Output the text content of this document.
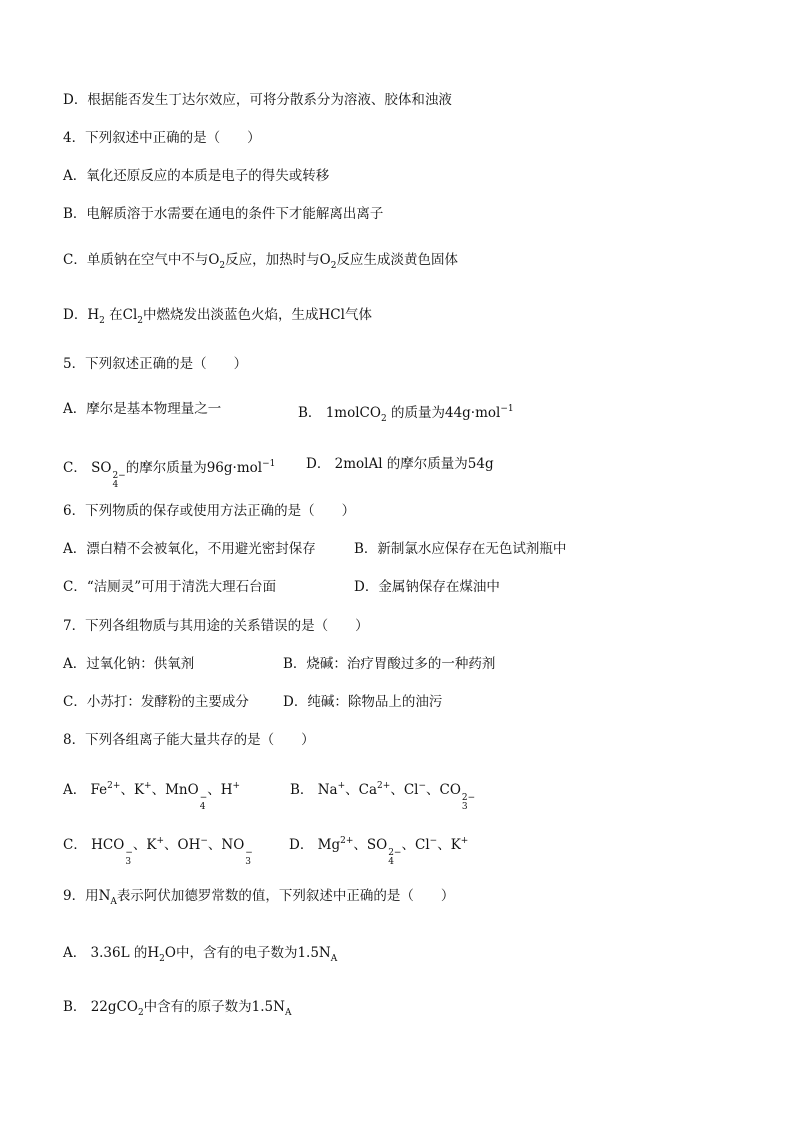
D．根据能否发生丁达尔效应，可将分散系分为溶液、胶体和浊液
4．下列叙述中正确的是（　　）
A．氧化还原反应的本质是电子的得失或转移
B．电解质溶于水需要在通电的条件下才能解离出离子
C．单质钠在空气中不与$O_2$反应，加热时与$O_2$反应生成淡黄色固体
D．$H_2$ 在$Cl_2$中燃烧发出淡蓝色火焰，生成HCl气体
5．下列叙述正确的是（　　）
A．摩尔是基本物理量之一	B． 1molCO$_2$ 的质量为44g·mol$^{-1}$
C． SO 2−
4
的摩尔质量为96g·mol$^{-1}$ D． 2molAl 的摩尔质量为54g
6．下列物质的保存或使用方法正确的是（　　）
A．漂白精不会被氧化，不用避光密封保存	B．新制氯水应保存在无色试剂瓶中
C．“洁厕灵”可用于清洗大理石台面	D．金属钠保存在煤油中
7．下列各组物质与其用途的关系错误的是（　　）
A．过氧化钠：供氧剂	B．烧碱：治疗胃酸过多的一种药剂
C．小苏打：发酵粉的主要成分	D．纯碱：除物品上的油污
8．下列各组离子能大量共存的是（　　）
A． $Fe^{2+}$、K+、MnO −
4
、H+	B． Na+、$Ca^{2+}$、Cl−、CO 2−
3
C． HCO −
3
、K+、OH−、NO −
3
D． $Mg^{2+}$、SO 2−
4
、Cl−、K+
9．用$N_A$表示阿伏加德罗常数的值，下列叙述中正确的是（　　）
A． 3.36L 的$H_2O$中，含有的电子数为$1.5N_A$
B． 22gCO$_2$中含有的原子数为$1.5N_A$
